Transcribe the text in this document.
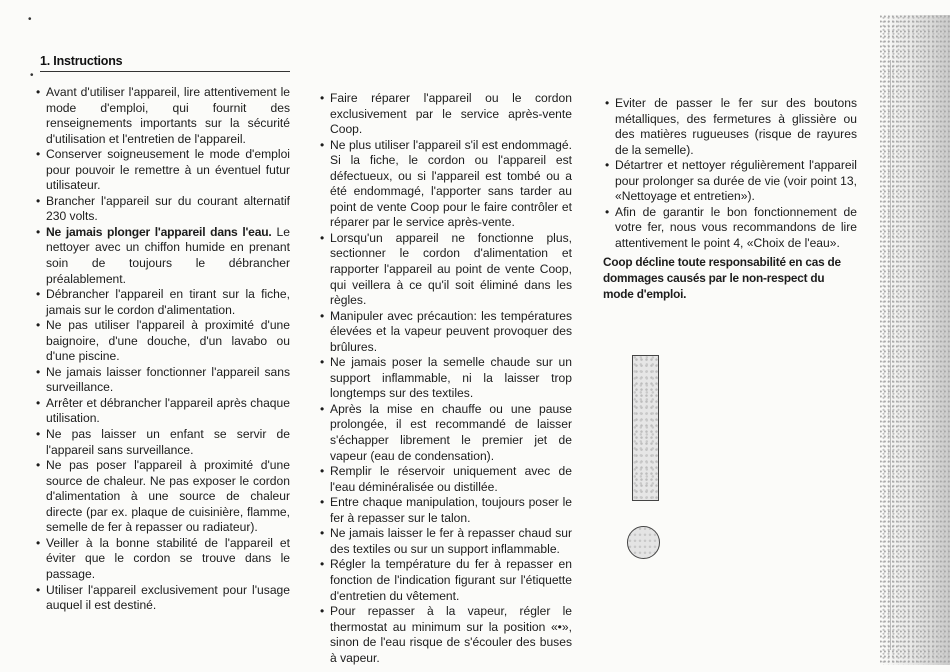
•
•
1. Instructions
• Avant d'utiliser l'appareil, lire attentivement le mode d'emploi, qui fournit des renseignements importants sur la sécurité d'utilisation et l'entretien de l'appareil.
• Conserver soigneusement le mode d'emploi pour pouvoir le remettre à un éventuel futur utilisateur.
• Brancher l'appareil sur du courant alternatif 230 volts.
• Ne jamais plonger l'appareil dans l'eau. Le nettoyer avec un chiffon humide en prenant soin de toujours le débrancher préalablement.
• Débrancher l'appareil en tirant sur la fiche, jamais sur le cordon d'alimentation.
• Ne pas utiliser l'appareil à proximité d'une baignoire, d'une douche, d'un lavabo ou d'une piscine.
• Ne jamais laisser fonctionner l'appareil sans surveillance.
• Arrêter et débrancher l'appareil après chaque utilisation.
• Ne pas laisser un enfant se servir de l'appareil sans surveillance.
• Ne pas poser l'appareil à proximité d'une source de chaleur. Ne pas exposer le cordon d'alimentation à une source de chaleur directe (par ex. plaque de cuisinière, flamme, semelle de fer à repasser ou radiateur).
• Veiller à la bonne stabilité de l'appareil et éviter que le cordon se trouve dans le passage.
• Utiliser l'appareil exclusivement pour l'usage auquel il est destiné.
• Faire réparer l'appareil ou le cordon exclusivement par le service après-vente Coop.
• Ne plus utiliser l'appareil s'il est endommagé. Si la fiche, le cordon ou l'appareil est défectueux, ou si l'appareil est tombé ou a été endommagé, l'apporter sans tarder au point de vente Coop pour le faire contrôler et réparer par le service après-vente.
• Lorsqu'un appareil ne fonctionne plus, sectionner le cordon d'alimentation et rapporter l'appareil au point de vente Coop, qui veillera à ce qu'il soit éliminé dans les règles.
• Manipuler avec précaution: les températures élevées et la vapeur peuvent provoquer des brûlures.
• Ne jamais poser la semelle chaude sur un support inflammable, ni la laisser trop longtemps sur des textiles.
• Après la mise en chauffe ou une pause prolongée, il est recommandé de laisser s'échapper librement le premier jet de vapeur (eau de condensation).
• Remplir le réservoir uniquement avec de l'eau déminéralisée ou distillée.
• Entre chaque manipulation, toujours poser le fer à repasser sur le talon.
• Ne jamais laisser le fer à repasser chaud sur des textiles ou sur un support inflammable.
• Régler la température du fer à repasser en fonction de l'indication figurant sur l'étiquette d'entretien du vêtement.
• Pour repasser à la vapeur, régler le thermostat au minimum sur la position «•», sinon de l'eau risque de s'écouler des buses à vapeur.
• Eviter de passer le fer sur des boutons métalliques, des fermetures à glissière ou des matières rugueuses (risque de rayures de la semelle).
• Détartrer et nettoyer régulièrement l'appareil pour prolonger sa durée de vie (voir point 13, «Nettoyage et entretien»).
• Afin de garantir le bon fonctionnement de votre fer, nous vous recommandons de lire attentivement le point 4, «Choix de l'eau».
Coop décline toute responsabilité en cas de dommages causés par le non-respect du mode d'emploi.
